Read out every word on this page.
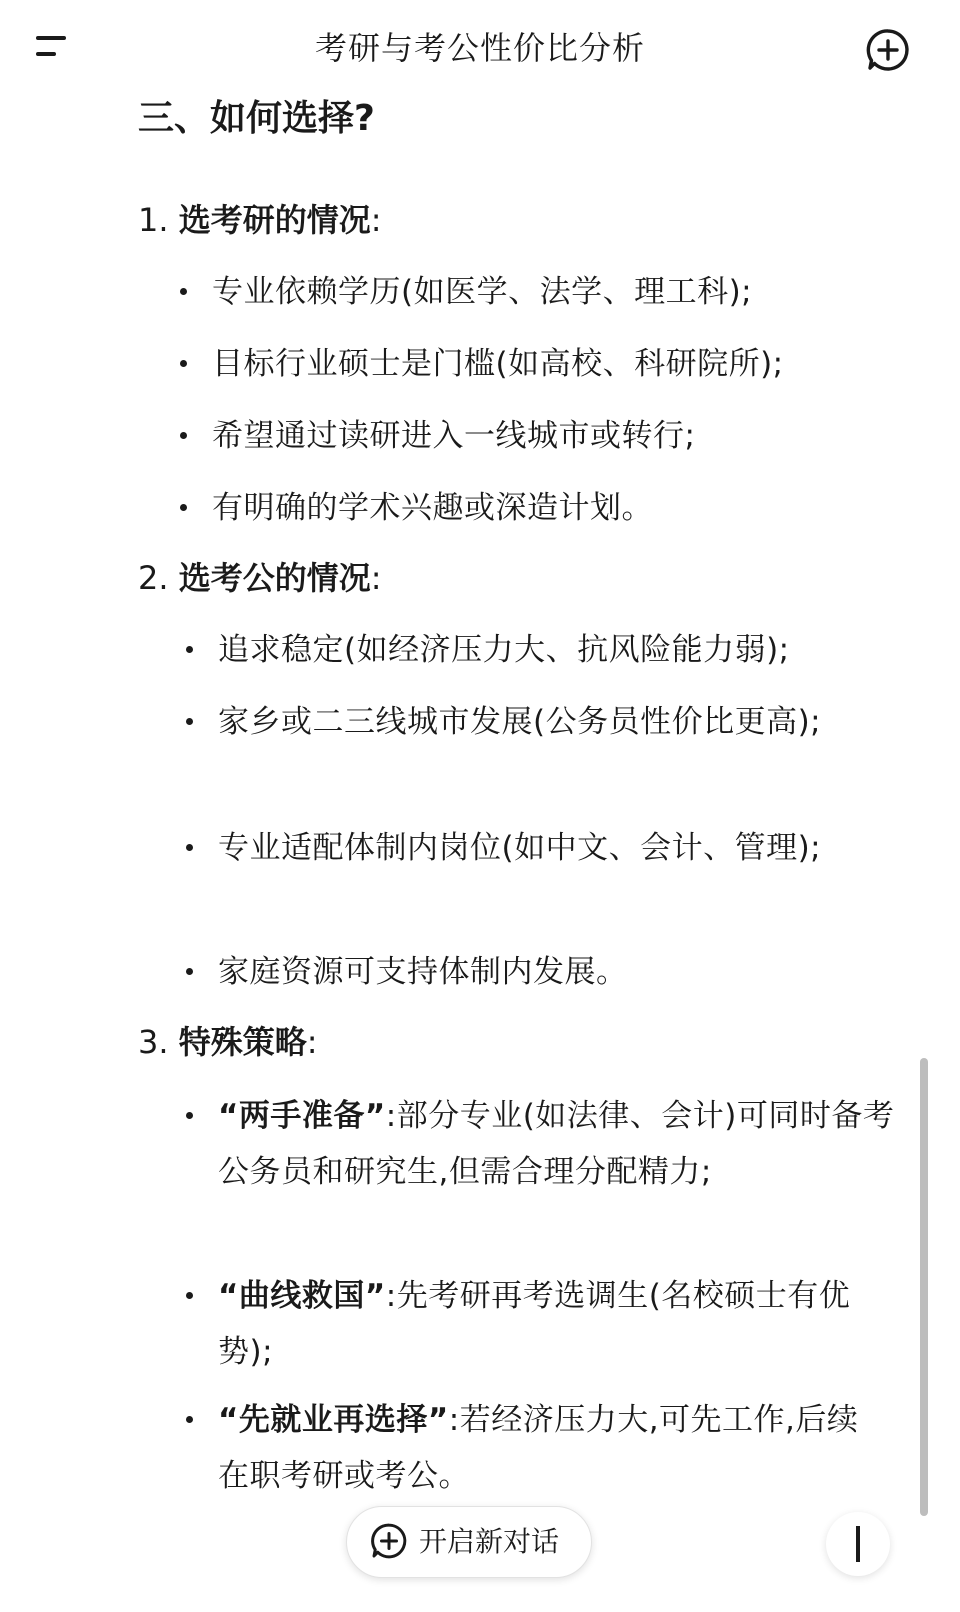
考研与考公性价比分析
三、如何选择?
1. 选考研的情况:
专业依赖学历(如医学、法学、理工科);
目标行业硕士是门槛(如高校、科研院所);
希望通过读研进入一线城市或转行;
有明确的学术兴趣或深造计划。
2. 选考公的情况:
追求稳定(如经济压力大、抗风险能力弱);
家乡或二三线城市发展(公务员性价比更高);
专业适配体制内岗位(如中文、会计、管理);
家庭资源可支持体制内发展。
3. 特殊策略:
“两手准备”:部分专业(如法律、会计)可同时备考公务员和研究生,但需合理分配精力;
“曲线救国”:先考研再考选调生(名校硕士有优势);
“先就业再选择”:若经济压力大,可先工作,后续在职考研或考公。
开启新对话
